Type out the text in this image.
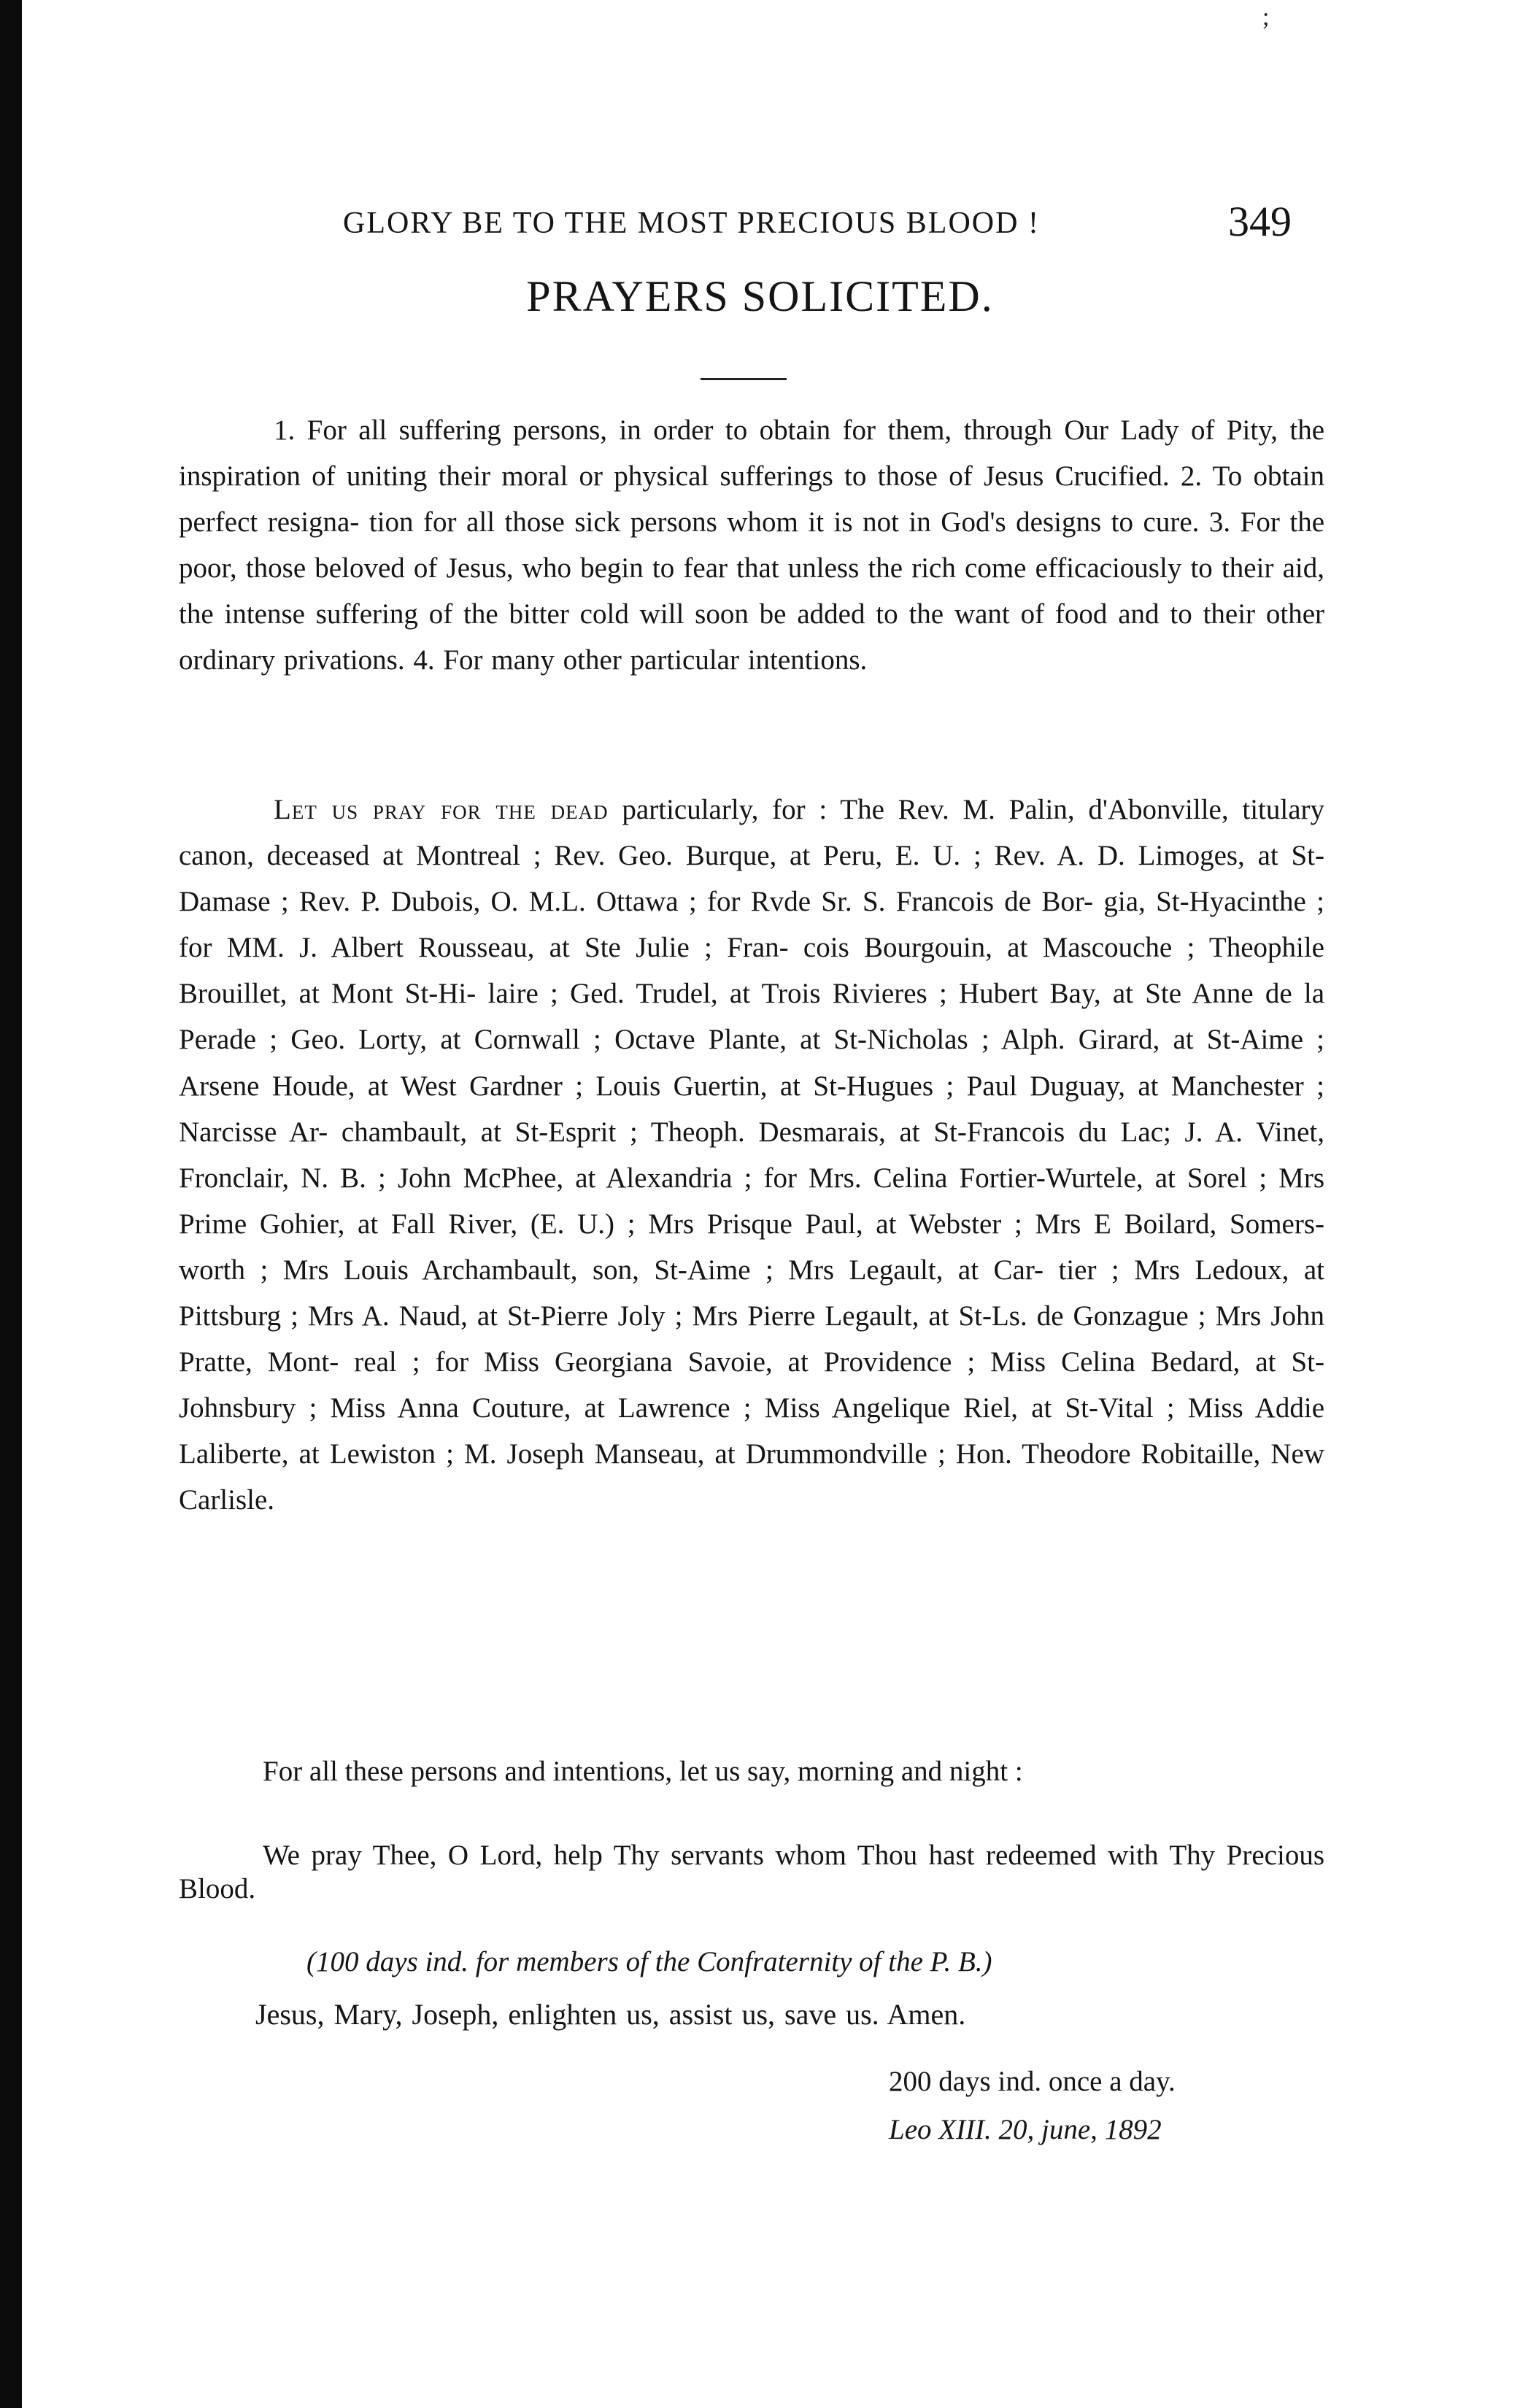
;
GLORY BE TO THE MOST PRECIOUS BLOOD !	349
PRAYERS SOLICITED.

1. For all suffering persons, in order to obtain for them, through Our Lady of Pity, the inspiration of uniting their moral or physical sufferings to those of Jesus Crucified. 2. To obtain perfect resigna- tion for all those sick persons whom it is not in God's designs to cure. 3. For the poor, those beloved of Jesus, who begin to fear that unless the rich come efficaciously to their aid, the intense suffering of the bitter cold will soon be added to the want of food and to their other ordinary privations. 4. For many other particular intentions.

Let us pray for the dead particularly, for : The Rev. M. Palin, d'Abonville, titulary canon, deceased at Montreal ; Rev. Geo. Burque, at Peru, E. U. ; Rev. A. D. Limoges, at St-Damase ; Rev. P. Dubois, O. M.L. Ottawa ; for Rvde Sr. S. Francois de Bor- gia, St-Hyacinthe ; for MM. J. Albert Rousseau, at Ste Julie ; Fran- cois Bourgouin, at Mascouche ; Theophile Brouillet, at Mont St-Hi- laire ; Ged. Trudel, at Trois Rivieres ; Hubert Bay, at Ste Anne de la Perade ; Geo. Lorty, at Cornwall ; Octave Plante, at St-Nicholas ; Alph. Girard, at St-Aime ; Arsene Houde, at West Gardner ; Louis Guertin, at St-Hugues ; Paul Duguay, at Manchester ; Narcisse Ar- chambault, at St-Esprit ; Theoph. Desmarais, at St-Francois du Lac; J. A. Vinet, Fronclair, N. B. ; John McPhee, at Alexandria ; for Mrs. Celina Fortier-Wurtele, at Sorel ; Mrs Prime Gohier, at Fall River, (E. U.) ; Mrs Prisque Paul, at Webster ; Mrs E Boilard, Somers- worth ; Mrs Louis Archambault, son, St-Aime ; Mrs Legault, at Car- tier ; Mrs Ledoux, at Pittsburg ; Mrs A. Naud, at St-Pierre Joly ; Mrs Pierre Legault, at St-Ls. de Gonzague ; Mrs John Pratte, Mont- real ; for Miss Georgiana Savoie, at Providence ; Miss Celina Bedard, at St-Johnsbury ; Miss Anna Couture, at Lawrence ; Miss Angelique Riel, at St-Vital ; Miss Addie Laliberte, at Lewiston ; M. Joseph Manseau, at Drummondville ; Hon. Theodore Robitaille, New Carlisle.

For all these persons and intentions, let us say, morning and night :
We pray Thee, O Lord, help Thy servants whom Thou hast redeemed with Thy Precious Blood.
(100 days ind. for members of the Confraternity of the P. B.)
Jesus, Mary, Joseph, enlighten us, assist us, save us. Amen.
200 days ind. once a day.
Leo XIII. 20, june, 1892
